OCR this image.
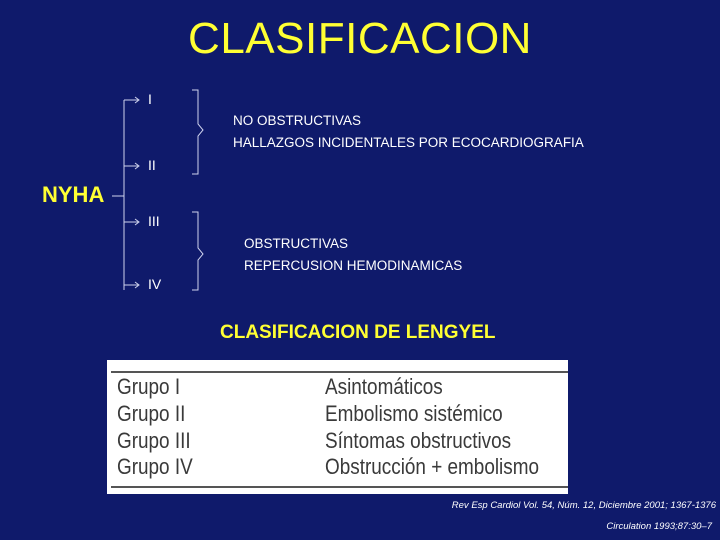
CLASIFICACION
NYHA
I
II
III
IV
NO OBSTRUCTIVAS
HALLAZGOS INCIDENTALES POR ECOCARDIOGRAFIA
OBSTRUCTIVAS
REPERCUSION HEMODINAMICAS
CLASIFICACION DE LENGYEL
Grupo I	Asintomáticos
Grupo II	Embolismo sistémico
Grupo III	Síntomas obstructivos
Grupo IV	Obstrucción + embolismo
Rev Esp Cardiol Vol. 54, Núm. 12, Diciembre 2001; 1367-1376
Circulation 1993;87:30–7
